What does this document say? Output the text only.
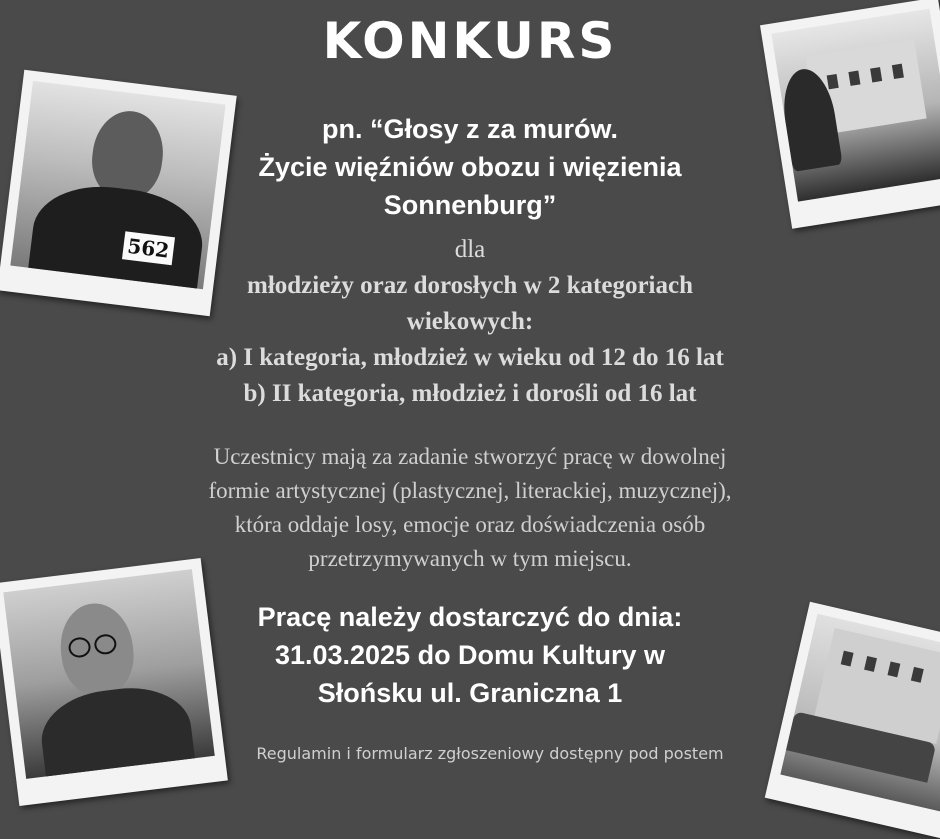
562
KONKURS
pn. “Głosy z za murów.
Życie więźniów obozu i więzienia
Sonnenburg”
dla
młodzieży oraz dorosłych w 2 kategoriach
wiekowych:
a) I kategoria, młodzież w wieku od 12 do 16 lat
b) II kategoria, młodzież i dorośli od 16 lat
Uczestnicy mają za zadanie stworzyć pracę w dowolnej
formie artystycznej (plastycznej, literackiej, muzycznej),
która oddaje losy, emocje oraz doświadczenia osób
przetrzymywanych w tym miejscu.
Pracę należy dostarczyć do dnia:
31.03.2025 do Domu Kultury w
Słońsku ul. Graniczna 1
Regulamin i formularz zgłoszeniowy dostępny pod postem
